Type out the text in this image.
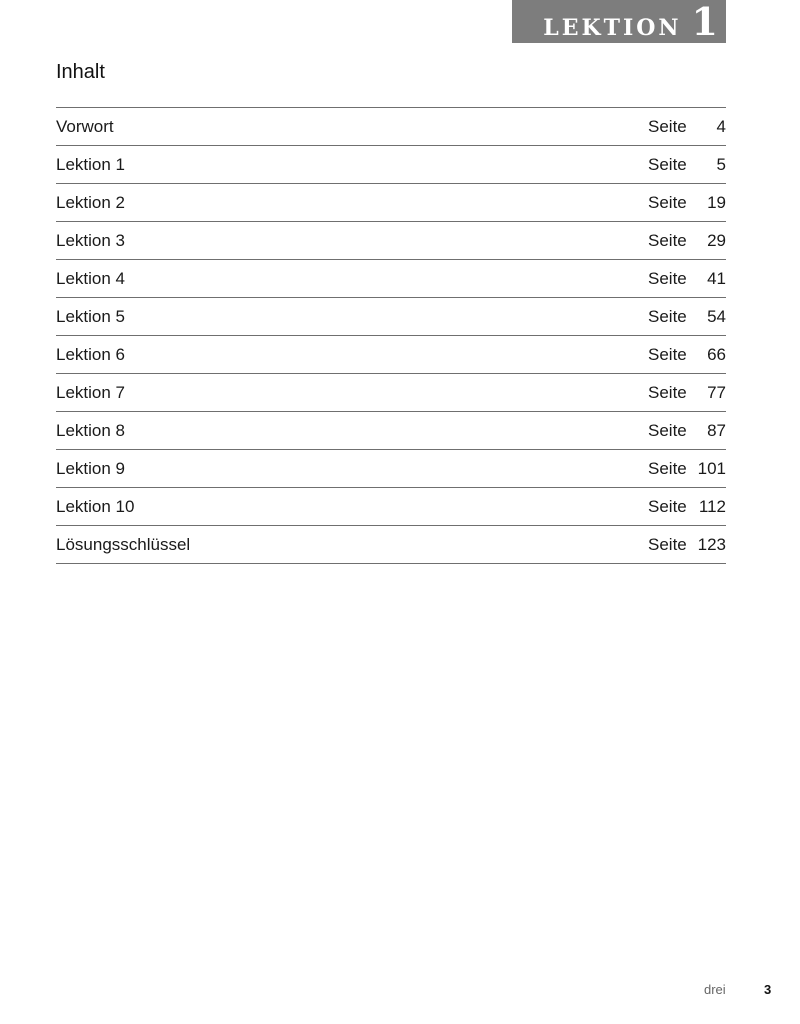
LEKTION 1
Inhalt
Vorwort	Seite	4
Lektion 1	Seite	5
Lektion 2	Seite	19
Lektion 3	Seite	29
Lektion 4	Seite	41
Lektion 5	Seite	54
Lektion 6	Seite	66
Lektion 7	Seite	77
Lektion 8	Seite	87
Lektion 9	Seite 101
Lektion 10	Seite 112
Lösungsschlüssel	Seite 123
drei	3
